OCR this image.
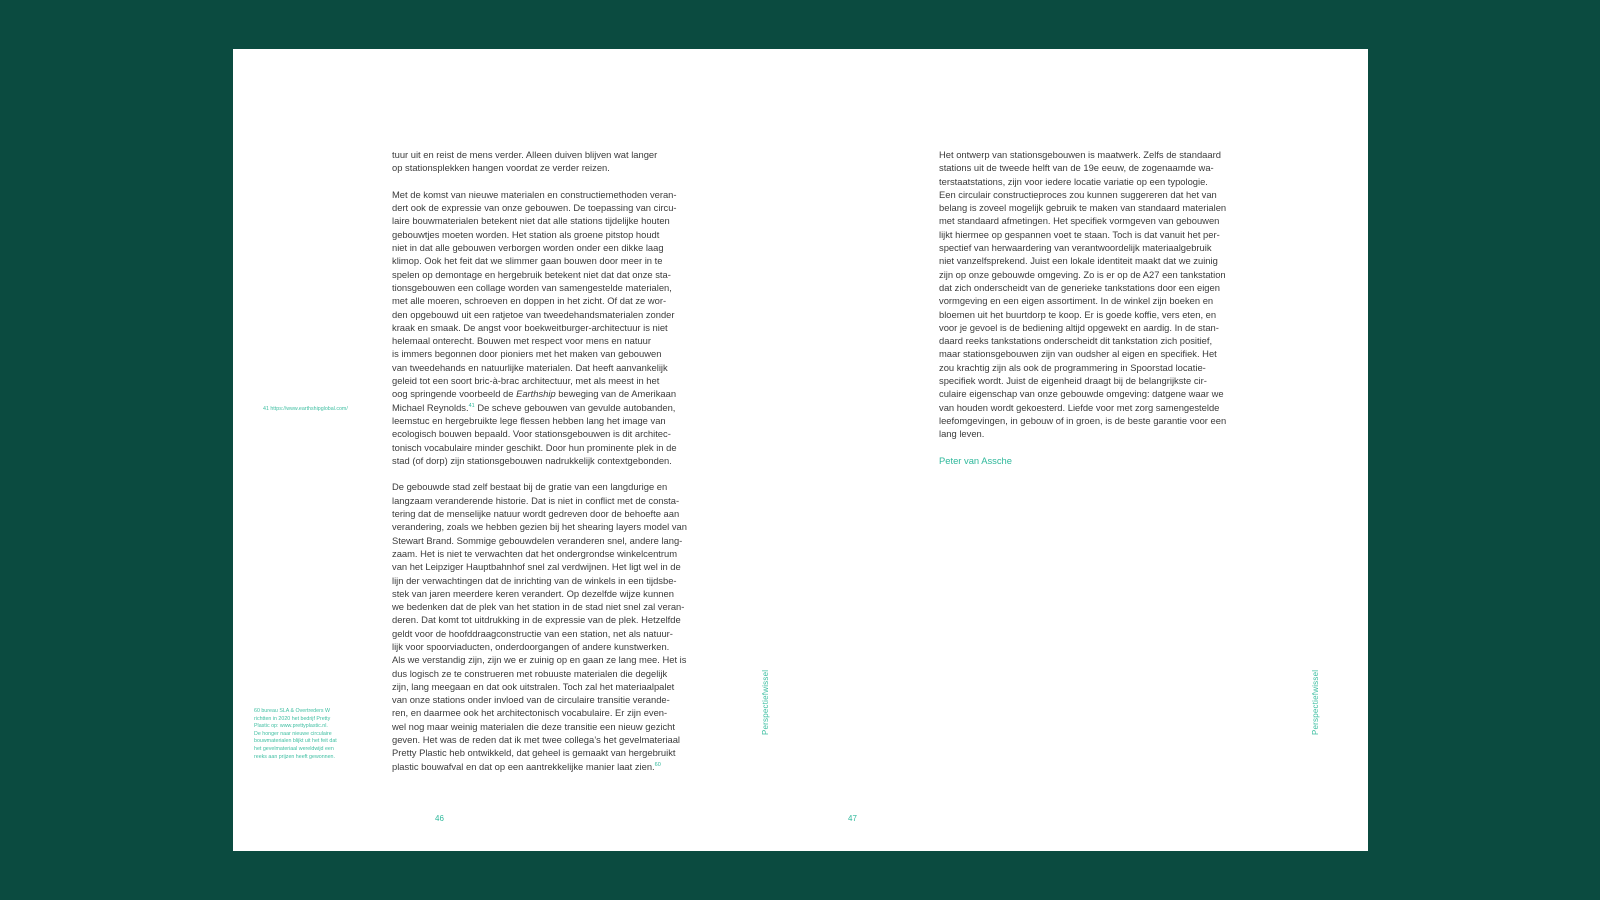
tuur uit en reist de mens verder. Alleen duiven blijven wat langer
op stationsplekken hangen voordat ze verder reizen.

Met de komst van nieuwe materialen en constructiemethoden veran-
dert ook de expressie van onze gebouwen. De toepassing van circu-
laire bouwmaterialen betekent niet dat alle stations tijdelijke houten
gebouwtjes moeten worden. Het station als groene pitstop houdt
niet in dat alle gebouwen verborgen worden onder een dikke laag
klimop. Ook het feit dat we slimmer gaan bouwen door meer in te
spelen op demontage en hergebruik betekent niet dat dat onze sta-
tionsgebouwen een collage worden van samengestelde materialen,
met alle moeren, schroeven en doppen in het zicht. Of dat ze wor-
den opgebouwd uit een ratjetoe van tweedehandsmaterialen zonder
kraak en smaak. De angst voor boekweitburger-architectuur is niet
helemaal onterecht. Bouwen met respect voor mens en natuur
is immers begonnen door pioniers met het maken van gebouwen
van tweedehands en natuurlijke materialen. Dat heeft aanvankelijk
geleid tot een soort bric-à-brac architectuur, met als meest in het
oog springende voorbeeld de Earthship beweging van de Amerikaan
Michael Reynolds.$^{41}$ De scheve gebouwen van gevulde autobanden,
leemstuc en hergebruikte lege flessen hebben lang het image van
ecologisch bouwen bepaald. Voor stationsgebouwen is dit architec-
tonisch vocabulaire minder geschikt. Door hun prominente plek in de
stad (of dorp) zijn stationsgebouwen nadrukkelijk contextgebonden.

De gebouwde stad zelf bestaat bij de gratie van een langdurige en
langzaam veranderende historie. Dat is niet in conflict met de consta-
tering dat de menselijke natuur wordt gedreven door de behoefte aan
verandering, zoals we hebben gezien bij het shearing layers model van
Stewart Brand. Sommige gebouwdelen veranderen snel, andere lang-
zaam. Het is niet te verwachten dat het ondergrondse winkelcentrum
van het Leipziger Hauptbahnhof snel zal verdwijnen. Het ligt wel in de
lijn der verwachtingen dat de inrichting van de winkels in een tijdsbe-
stek van jaren meerdere keren verandert. Op dezelfde wijze kunnen
we bedenken dat de plek van het station in de stad niet snel zal veran-
deren. Dat komt tot uitdrukking in de expressie van de plek. Hetzelfde
geldt voor de hoofddraagconstructie van een station, net als natuur-
lijk voor spoorviaducten, onderdoorgangen of andere kunstwerken.
Als we verstandig zijn, zijn we er zuinig op en gaan ze lang mee. Het is
dus logisch ze te construeren met robuuste materialen die degelijk
zijn, lang meegaan en dat ook uitstralen. Toch zal het materiaalpalet
van onze stations onder invloed van de circulaire transitie verande-
ren, en daarmee ook het architectonisch vocabulaire. Er zijn even-
wel nog maar weinig materialen die deze transitie een nieuw gezicht
geven. Het was de reden dat ik met twee collega’s het gevelmateriaal
Pretty Plastic heb ontwikkeld, dat geheel is gemaakt van hergebruikt
plastic bouwafval en dat op een aantrekkelijke manier laat zien.$^{60}$

41 https://www.earthshipglobal.com/
60 bureau SLA & Overtreders W
richtten in 2020 het bedrijf Pretty
Plastic op: www.prettyplastic.nl.
De honger naar nieuwe circulaire
bouwmaterialen blijkt uit het feit dat
het gevelmateriaal wereldwijd een
reeks aan prijzen heeft gewonnen.
46
Perspectiefwissel

Het ontwerp van stationsgebouwen is maatwerk. Zelfs de standaard
stations uit de tweede helft van de 19e eeuw, de zogenaamde wa-
terstaatstations, zijn voor iedere locatie variatie op een typologie.
Een circulair constructieproces zou kunnen suggereren dat het van
belang is zoveel mogelijk gebruik te maken van standaard materialen
met standaard afmetingen. Het specifiek vormgeven van gebouwen
lijkt hiermee op gespannen voet te staan. Toch is dat vanuit het per-
spectief van herwaardering van verantwoordelijk materiaalgebruik
niet vanzelfsprekend. Juist een lokale identiteit maakt dat we zuinig
zijn op onze gebouwde omgeving. Zo is er op de A27 een tankstation
dat zich onderscheidt van de generieke tankstations door een eigen
vormgeving en een eigen assortiment. In de winkel zijn boeken en
bloemen uit het buurtdorp te koop. Er is goede koffie, vers eten, en
voor je gevoel is de bediening altijd opgewekt en aardig. In de stan-
daard reeks tankstations onderscheidt dit tankstation zich positief,
maar stationsgebouwen zijn van oudsher al eigen en specifiek. Het
zou krachtig zijn als ook de programmering in Spoorstad locatie-
specifiek wordt. Juist de eigenheid draagt bij de belangrijkste cir-
culaire eigenschap van onze gebouwde omgeving: datgene waar we
van houden wordt gekoesterd. Liefde voor met zorg samengestelde
leefomgevingen, in gebouw of in groen, is de beste garantie voor een
lang leven.

Peter van Assche

47
Perspectiefwissel
